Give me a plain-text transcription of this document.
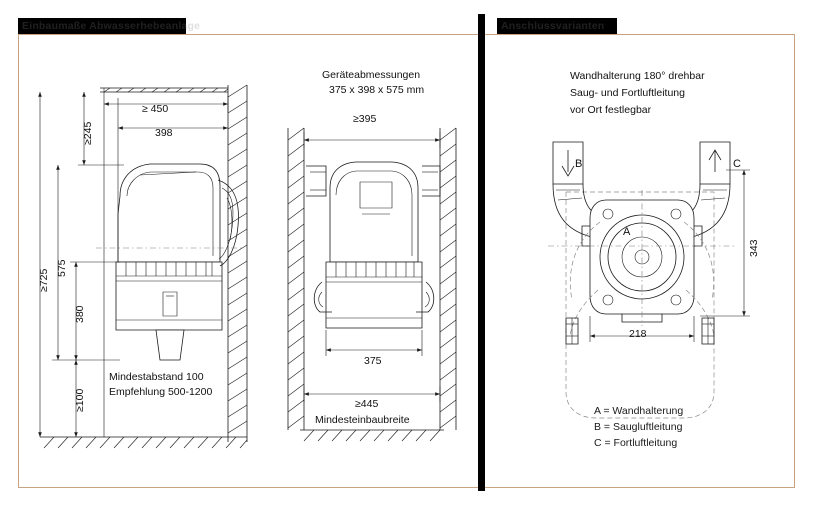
Einbaumaße Abwasserhebeanlage	Anschlussvarianten
≥ 450
398
≥245
≥725
575
380
≥100
Mindestabstand 100
Empfehlung 500-1200
Geräteabmessungen
375 x 398 x 575 mm
≥395
375
≥445
Mindesteinbaubreite
Wandhalterung 180° drehbar
Saug- und Fortluftleitung
vor Ort festlegbar
B	C
A
218
343
A = Wandhalterung
B = Saugluftleitung
C = Fortluftleitung
